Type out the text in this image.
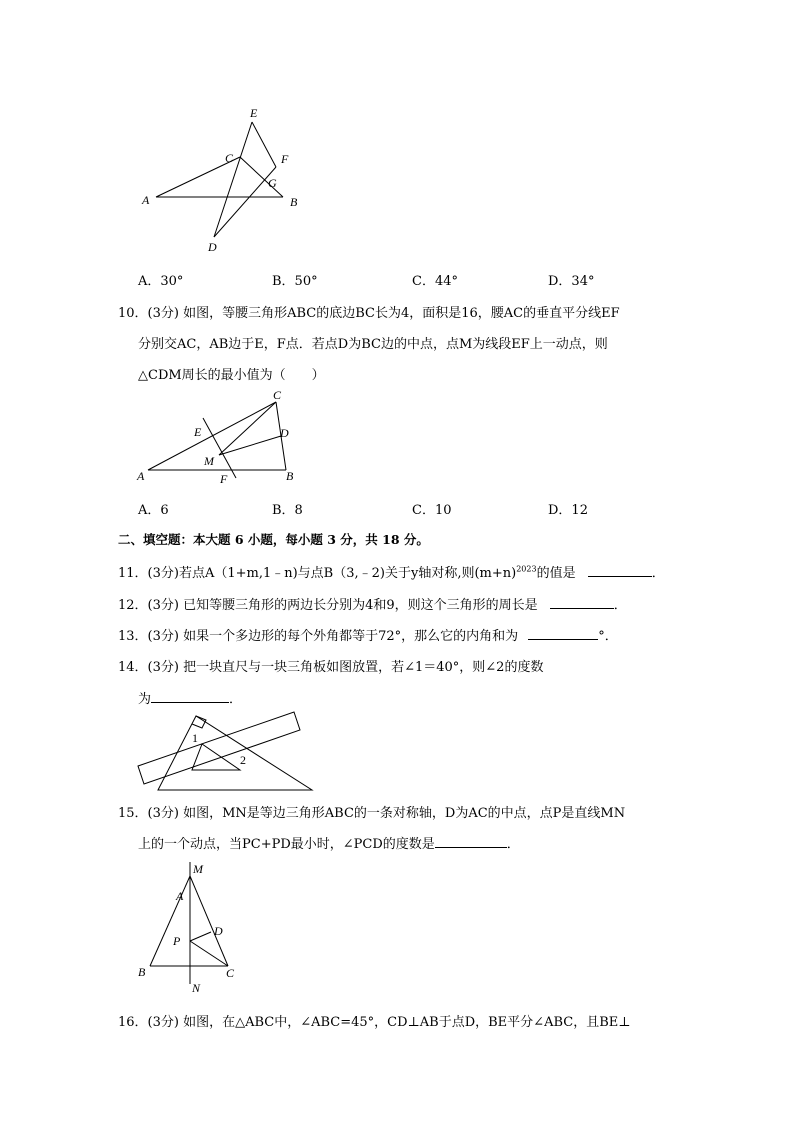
E
C	F
G
A	B
D
A．30°	B．50°	C．44°	D．34°
10．(3分) 如图，等腰三角形ABC的底边BC长为4，面积是16，腰AC的垂直平分线EF
分别交AC，AB边于E，F点．若点D为BC边的中点，点M为线段EF上一动点，则
△CDM周长的最小值为（　　）
C
E	D
M
A	F	B
A．6	B．8	C．10	D．12
二、填空题：本大题 6 小题，每小题 3 分，共 18 分。
11．(3分)若点A（1+m,1﹣n)与点B（3,﹣2)关于y轴对称,则$(m+n)^{2023}$的值是	．
12．(3分) 已知等腰三角形的两边长分别为4和9，则这个三角形的周长是	．
13．(3分) 如果一个多边形的每个外角都等于72°，那么它的内角和为	°．
14．(3分) 把一块直尺与一块三角板如图放置，若∠1＝40°，则∠2的度数
为	．
1
2
15．(3分) 如图，MN是等边三角形ABC的一条对称轴，D为AC的中点，点P是直线MN
上的一个动点，当PC+PD最小时，∠PCD的度数是	．
M
A
D
P
B	C
N
16．(3分) 如图，在△ABC中，∠ABC=45°，CD⊥AB于点D，BE平分∠ABC，且BE⊥
